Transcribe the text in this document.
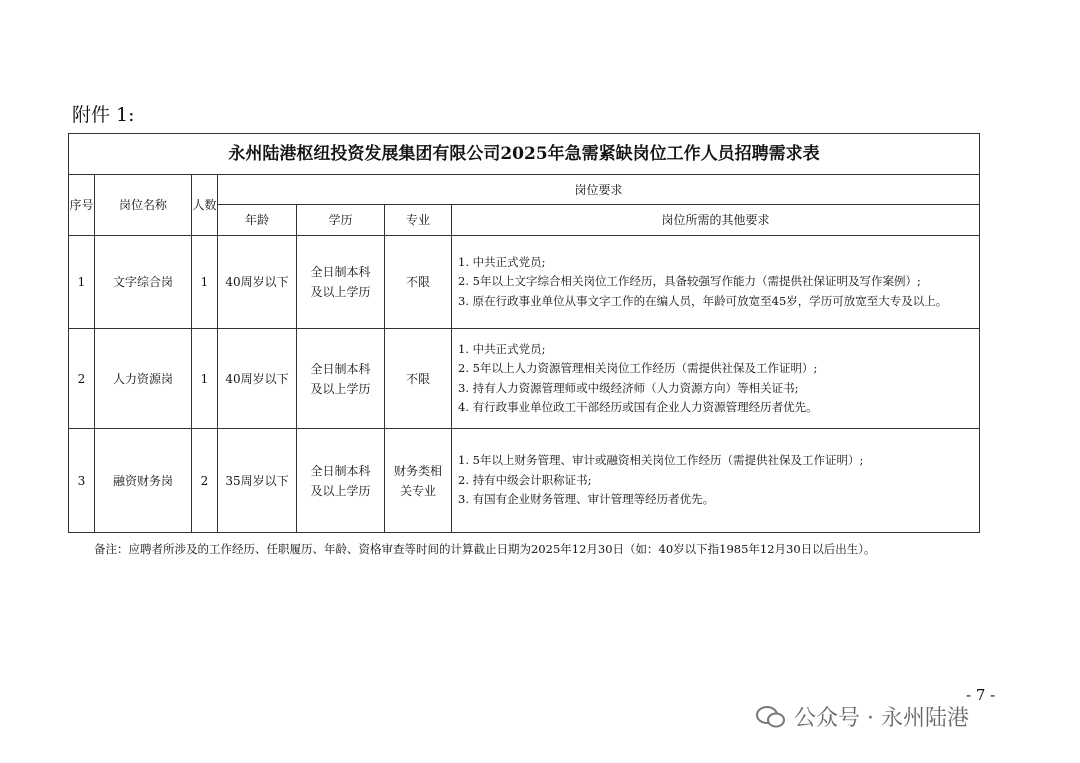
附件 1:
永州陆港枢纽投资发展集团有限公司2025年急需紧缺岗位工作人员招聘需求表						
序号	岗位名称	人数	岗位要求			
			年龄	学历	专业	岗位所需的其他要求
1	文字综合岗	1	40周岁以下	全日制本科及以上学历	不限	1. 中共正式党员;
2. 5年以上文字综合相关岗位工作经历，具备较强写作能力（需提供社保证明及写作案例）;
3. 原在行政事业单位从事文字工作的在编人员，年龄可放宽至45岁，学历可放宽至大专及以上。

2	人力资源岗	1	40周岁以下	全日制本科及以上学历	不限	1. 中共正式党员;
2. 5年以上人力资源管理相关岗位工作经历（需提供社保及工作证明）;
3. 持有人力资源管理师或中级经济师（人力资源方向）等相关证书;
4. 有行政事业单位政工干部经历或国有企业人力资源管理经历者优先。

3	融资财务岗	2	35周岁以下	全日制本科及以上学历	财务类相关专业	1. 5年以上财务管理、审计或融资相关岗位工作经历（需提供社保及工作证明）;
2. 持有中级会计职称证书;
3. 有国有企业财务管理、审计管理等经历者优先。
备注：应聘者所涉及的工作经历、任职履历、年龄、资格审查等时间的计算截止日期为2025年12月30日（如：40岁以下指1985年12月30日以后出生）。
- 7 -
公众号 · 永州陆港
